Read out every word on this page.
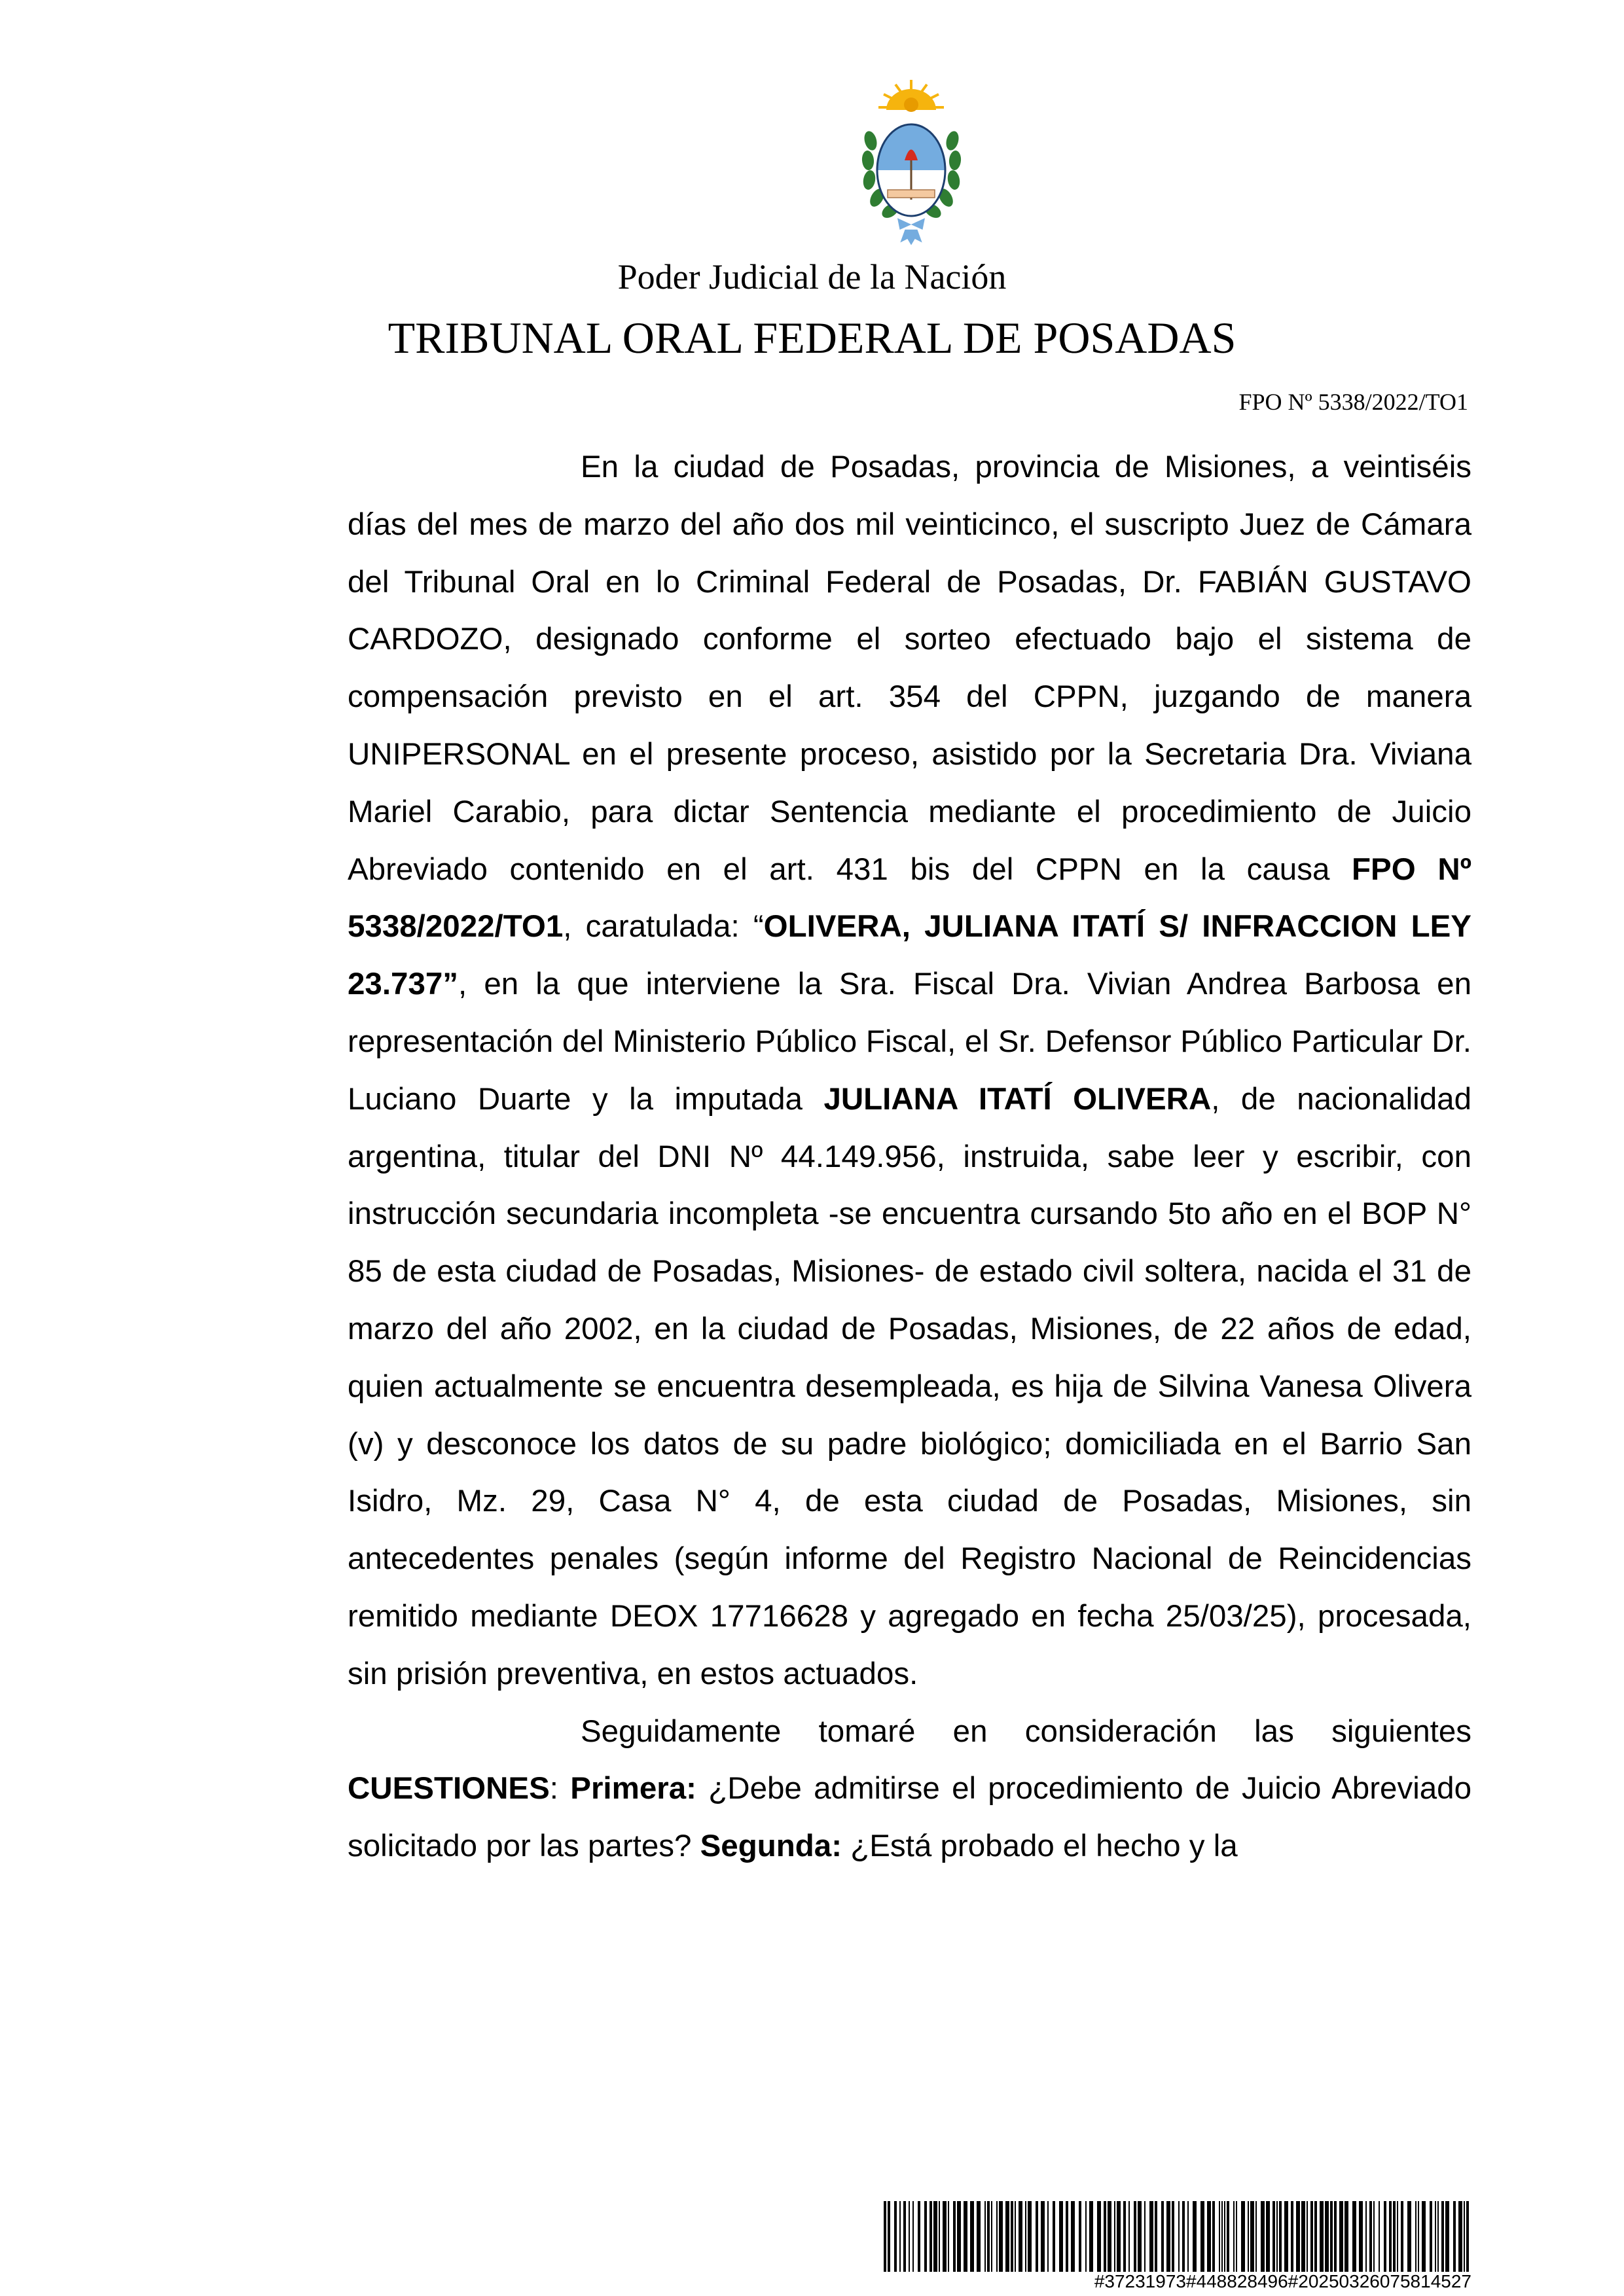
Poder Judicial de la Nación
TRIBUNAL ORAL FEDERAL DE POSADAS
FPO Nº 5338/2022/TO1

En la ciudad de Posadas, provincia de Misiones, a veintiséis días del mes de marzo del año dos mil veinticinco, el suscripto Juez de Cámara del Tribunal Oral en lo Criminal Federal de Posadas, Dr. FABIÁN GUSTAVO CARDOZO, designado conforme el sorteo efectuado bajo el sistema de compensación previsto en el art. 354 del CPPN, juzgando de manera UNIPERSONAL en el presente proceso, asistido por la Secretaria Dra. Viviana Mariel Carabio, para dictar Sentencia mediante el procedimiento de Juicio Abreviado contenido en el art. 431 bis del CPPN en la causa FPO Nº 5338/2022/TO1, caratulada: “OLIVERA, JULIANA ITATÍ S/ INFRACCION LEY 23.737”, en la que interviene la Sra. Fiscal Dra. Vivian Andrea Barbosa en representación del Ministerio Público Fiscal, el Sr. Defensor Público Particular Dr. Luciano Duarte y la imputada JULIANA ITATÍ OLIVERA, de nacionalidad argentina, titular del DNI Nº 44.149.956, instruida, sabe leer y escribir, con instrucción secundaria incompleta -se encuentra cursando 5to año en el BOP N° 85 de esta ciudad de Posadas, Misiones- de estado civil soltera, nacida el 31 de marzo del año 2002, en la ciudad de Posadas, Misiones, de 22 años de edad, quien actualmente se encuentra desempleada, es hija de Silvina Vanesa Olivera (v) y desconoce los datos de su padre biológico; domiciliada en el Barrio San Isidro, Mz. 29, Casa N° 4, de esta ciudad de Posadas, Misiones, sin antecedentes penales (según informe del Registro Nacional de Reincidencias remitido mediante DEOX 17716628 y agregado en fecha 25/03/25), procesada, sin prisión preventiva, en estos actuados.

Seguidamente tomaré en consideración las siguientes CUESTIONES: Primera: ¿Debe admitirse el procedimiento de Juicio Abreviado solicitado por las partes? Segunda: ¿Está probado el hecho y la

#37231973#448828496#20250326075814527
